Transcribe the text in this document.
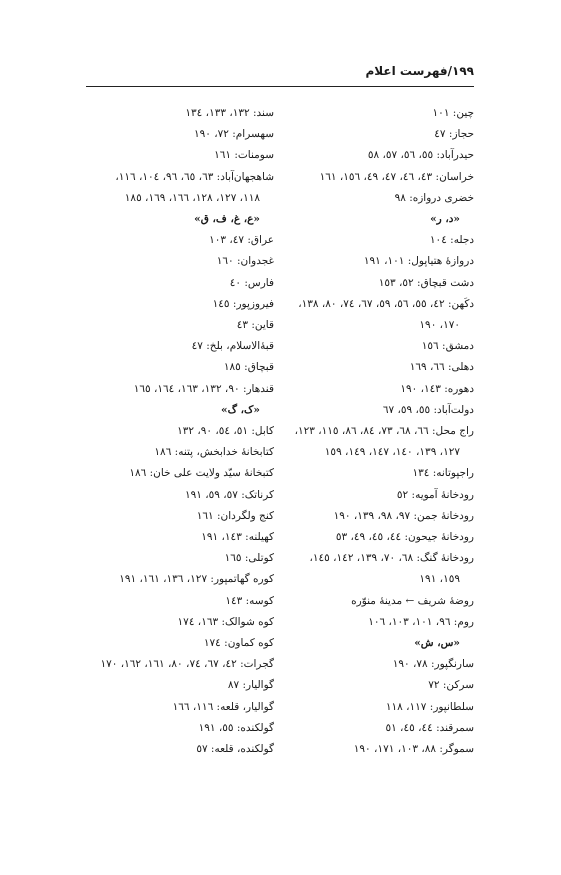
۱۹۹/فهرست اعلام
چین: ۱۰۱
حجاز: ٤٧
حیدرآباد: ٥٥، ٥٦، ٥٧، ٥٨
خراسان: ٤٣، ٤٦، ٤٧، ٤٩، ١٥٦، ١٦١
خضری دروازه: ٩٨
«د، ر»
دجله: ١٠٤
دروازۀ هتیاپول: ١٠١، ١٩١
دشت قبچاق: ٥٢، ١٥٣
دکَهن: ٤٢، ٥٥، ٥٦، ٥٩، ٦٧، ٧٤، ٨٠، ١٣٨،
١٧٠، ١٩٠
دمشق: ١٥٦
دهلی: ٦٦، ١٦٩
دهوره: ١٤٣، ١٩٠
دولت‌آباد: ٥٥، ٥٩، ٦٧
راج محل: ٦٦، ٦٨، ٧٣، ٨٤، ٨٦، ١١٥، ١٢٣،
١٢٧، ١٣٩، ١٤٠، ١٤٧، ١٤٩، ١٥٩
راجپوتانه: ١٣٤
رودخانۀ آمویه: ٥٢
رودخانۀ جمن: ٩٧، ٩٨، ١٣٩، ١٩٠
رودخانۀ جیحون: ٤٤، ٤٥، ٤٩، ٥٣
رودخانۀ گنگ: ٦٨، ٧٠، ١٣٩، ١٤٢، ١٤٥،
١٥٩، ١٩١
روضۀ شریف ← مدینۀ منوّره
روم: ٩٦، ١٠١، ١٠٣، ١٠٦
«س، ش»
سارنگپور: ٧٨، ١٩٠
سرکن: ٧٢
سلطانپور: ١١٧، ١١٨
سمرقند: ٤٤، ٤٥، ٥١
سموگر: ٨٨، ١٠٣، ١٧١، ١٩٠
سند: ١٣٢، ١٣٣، ١٣٤
سهسرام: ٧٢، ١٩٠
سومنات: ١٦١
شاهجهان‌آباد: ٦٣، ٦٥، ٩٦، ١٠٤، ١١٦،
١١٨، ١٢٧، ١٢٨، ١٦٦، ١٦٩، ١٨٥
«ع، غ، ف، ق»
عراق: ٤٧، ١٠٣
غجدوان: ١٦٠
فارس: ٤٠
فیروزپور: ١٤٥
قاین: ٤٣
قبۀالاسلام، بلخ: ٤٧
قبچاق: ١٨٥
قندهار: ٩٠، ١٣٢، ١٦٣، ١٦٤، ١٦٥
«ک، گ»
کابل: ٥١، ٥٤، ٩٠، ١٣٢
کتابخانۀ خدابخش، پتنه: ١٨٦
کتبخانۀ سیّد ولایت علی خان: ١٨٦
کرناتک: ٥٧، ٥٩، ١٩١
کنج ولگردان: ١٦١
کهیلنه: ١٤٣، ١٩١
کوتلی: ١٦٥
کوره گهاتمپور: ١٢٧، ١٣٦، ١٦١، ١٩١
کوسه: ١٤٣
کوه شوالک: ١٦٣، ١٧٤
کوه کماون: ١٧٤
گجرات: ٤٢، ٦٧، ٧٤، ٨٠، ١٦١، ١٦٢، ١٧٠
گوالیار: ٨٧
گوالیار، قلعه: ١١٦، ١٦٦
گولکنده: ٥٥، ١٩١
گولکنده، قلعه: ٥٧
